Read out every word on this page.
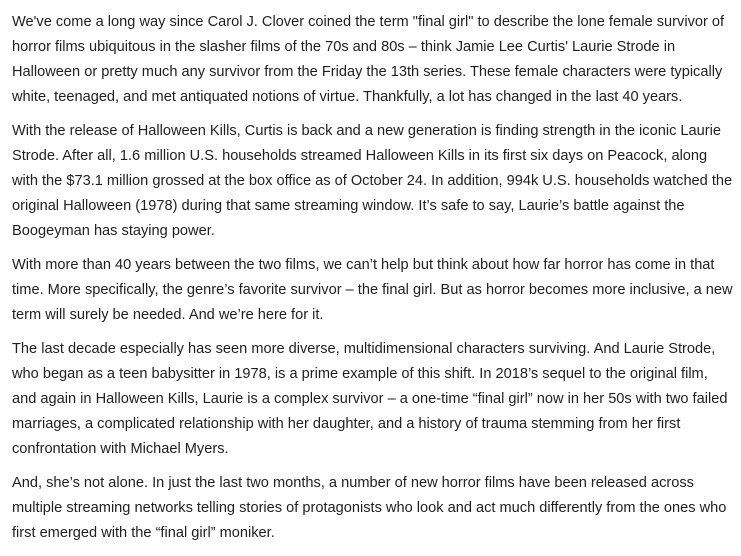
We've come a long way since Carol J. Clover coined the term "final girl" to describe the lone female survivor of horror films ubiquitous in the slasher films of the 70s and 80s – think Jamie Lee Curtis' Laurie Strode in Halloween or pretty much any survivor from the Friday the 13th series. These female characters were typically white, teenaged, and met antiquated notions of virtue. Thankfully, a lot has changed in the last 40 years.

With the release of Halloween Kills, Curtis is back and a new generation is finding strength in the iconic Laurie Strode. After all, 1.6 million U.S. households streamed Halloween Kills in its first six days on Peacock, along with the $73.1 million grossed at the box office as of October 24. In addition, 994k U.S. households watched the original Halloween (1978) during that same streaming window. It’s safe to say, Laurie’s battle against the Boogeyman has staying power.

With more than 40 years between the two films, we can’t help but think about how far horror has come in that time. More specifically, the genre’s favorite survivor – the final girl. But as horror becomes more inclusive, a new term will surely be needed. And we’re here for it.

The last decade especially has seen more diverse, multidimensional characters surviving. And Laurie Strode, who began as a teen babysitter in 1978, is a prime example of this shift. In 2018’s sequel to the original film, and again in Halloween Kills, Laurie is a complex survivor – a one-time “final girl” now in her 50s with two failed marriages, a complicated relationship with her daughter, and a history of trauma stemming from her first confrontation with Michael Myers.

And, she’s not alone. In just the last two months, a number of new horror films have been released across multiple streaming networks telling stories of protagonists who look and act much differently from the ones who first emerged with the “final girl” moniker.
